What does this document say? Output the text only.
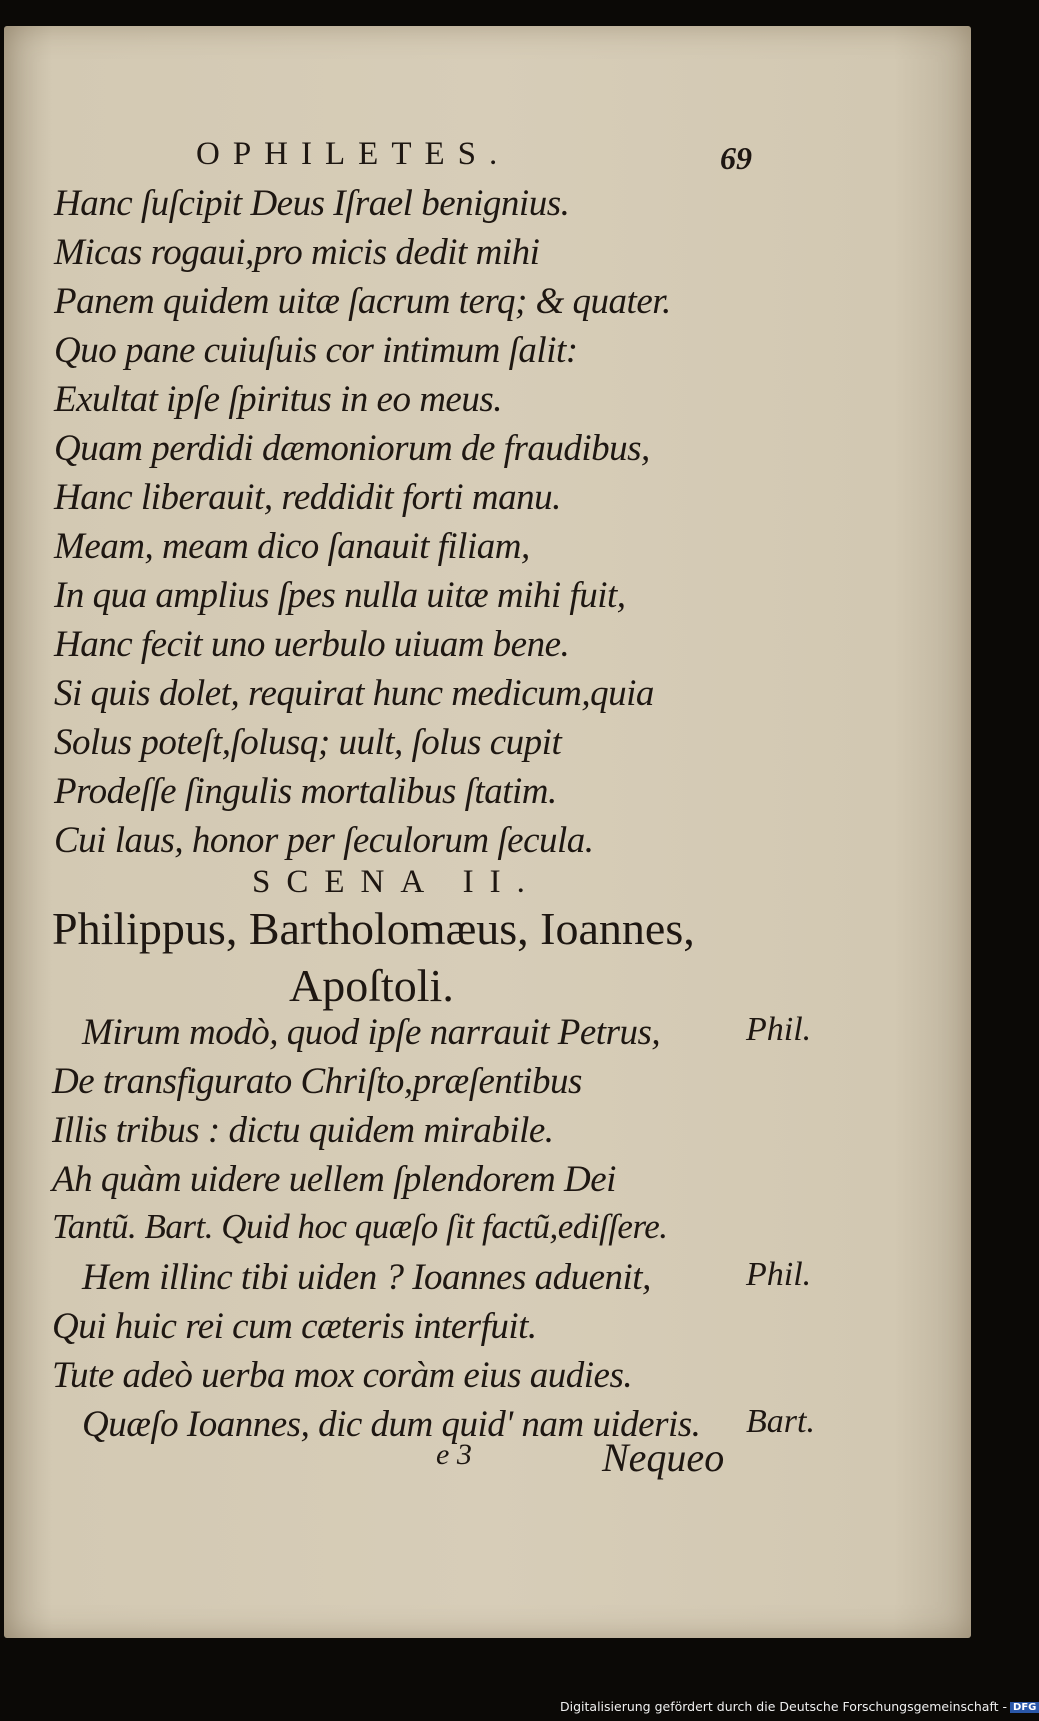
OPHILETES.	69
Hanc ſuſcipit Deus Iſrael benignius.
Micas rogaui,pro micis dedit mihi
Panem quidem uitæ ſacrum terq; & quater.
Quo pane cuiuſuis cor intimum ſalit:
Exultat ipſe ſpiritus in eo meus.
Quam perdidi dæmoniorum de fraudibus,
Hanc liberauit, reddidit forti manu.
Meam, meam dico ſanauit filiam,
In qua amplius ſpes nulla uitæ mihi fuit,
Hanc fecit uno uerbulo uiuam bene.
Si quis dolet, requirat hunc medicum,quia
Solus poteſt,ſolusq; uult, ſolus cupit
Prodeſſe ſingulis mortalibus ſtatim.
Cui laus, honor per ſeculorum ſecula.
SCENA II.
Philippus, Bartholomæus, Ioannes,
Apoſtoli.
Mirum modò, quod ipſe narrauit Petrus,
De transfigurato Chriſto,præſentibus
Illis tribus : dictu quidem mirabile.
Ah quàm uidere uellem ſplendorem Dei
Tantũ. Bart. Quid hoc quæſo ſit factũ,ediſſere.
Hem illinc tibi uiden ? Ioannes aduenit,
Qui huic rei cum cæteris interfuit.
Tute adeò uerba mox coràm eius audies.
Quæſo Ioannes, dic dum quid' nam uideris.
Phil.
Phil.
Bart.
e 3	Nequeo
Digitalisierung gefördert durch die Deutsche Forschungsgemeinschaft - DFG
